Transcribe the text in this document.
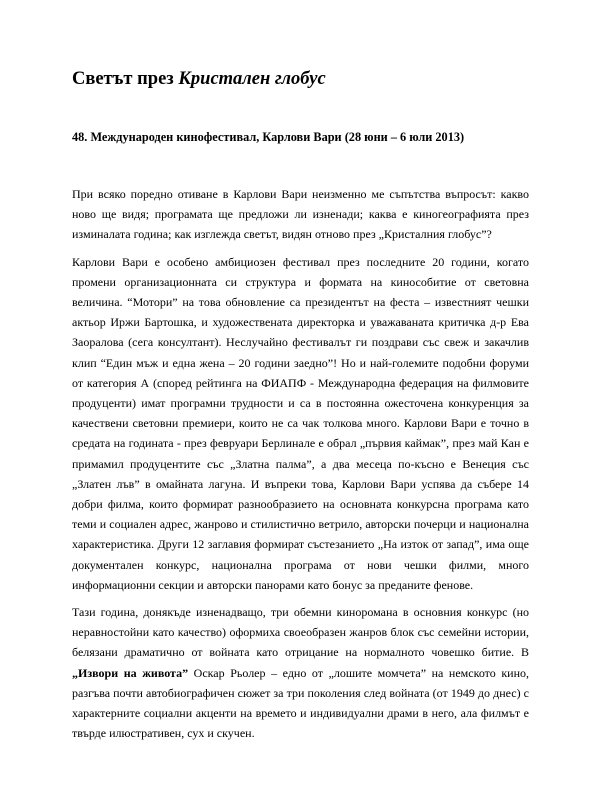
Светът през Кристален глобус
48. Международен кинофестивал, Карлови Вари (28 юни – 6 юли 2013)

При всяко поредно отиване в Карлови Вари неизменно ме съпътства въпросът: какво ново ще видя; програмата ще предложи ли изненади; каква е киногеографията през изминалата година; как изглежда светът, видян отново през „Кристалния глобус”?

Карлови Вари е особено амбициозен фестивал през последните 20 години, когато промени организационната си структура и формата на кинособитие от световна величина. “Мотори” на това обновление са президентът на феста – известният чешки актьор Иржи Бартошка, и художествената директорка и уважаваната критичка д-р Ева Заоралова (сега консултант). Неслучайно фестивалът ги поздрави със свеж и закачлив клип “Един мъж и една жена – 20 години заедно”! Но и най-големите подобни форуми от категория А (според рейтинга на ФИАПФ - Международна федерация на филмовите продуценти) имат програмни трудности и са в постоянна ожесточена конкуренция за качествени световни премиери, които не са чак толкова много. Карлови Вари е точно в средата на годината - през февруари Берлинале е обрал „първия каймак”, през май Кан е примамил продуцентите със „Златна палма”, а два месеца по-късно е Венеция със „Златен лъв” в омайната лагуна. И въпреки това, Карлови Вари успява да събере 14 добри филма, които формират разнообразието на основната конкурсна програма като теми и социален адрес, жанрово и стилистично ветрило, авторски почерци и национална характеристика. Други 12 заглавия формират състезанието „На изток от запад”, има още документален конкурс, национална програма от нови чешки филми, много информационни секции и авторски панорами като бонус за преданите фенове.

Тази година, донякъде изненадващо, три обемни кинoромана в основния конкурс (но неравностойни като качество) оформиха своеобразен жанров блок със семейни истории, белязани драматично от войната като отрицание на нормалното човешко битие. В „Извори на живота” Оскар Рьолер – едно от „лошите момчета” на немското кино, разгъва почти автобиографичен сюжет за три поколения след войната (от 1949 до днес) с характерните социални акценти на времето и индивидуални драми в него, ала филмът е твърде илюстративен, сух и скучен.
